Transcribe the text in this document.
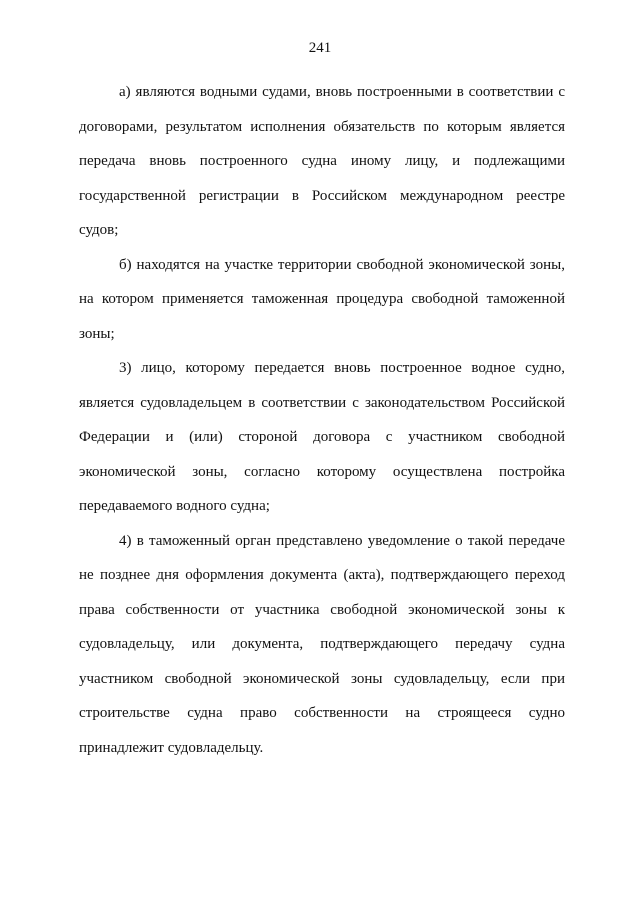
241
а) являются водными судами, вновь построенными в соответствии с
договорами, результатом исполнения обязательств по которым является
передача вновь построенного судна иному лицу, и подлежащими
государственной регистрации в Российском международном реестре
судов;
б) находятся на участке территории свободной экономической зоны,
на котором применяется таможенная процедура свободной таможенной
зоны;
3) лицо, которому передается вновь построенное водное судно,
является судовладельцем в соответствии с законодательством Российской
Федерации и (или) стороной договора с участником свободной
экономической зоны, согласно которому осуществлена постройка
передаваемого водного судна;
4) в таможенный орган представлено уведомление о такой передаче
не позднее дня оформления документа (акта), подтверждающего переход
права собственности от участника свободной экономической зоны к
судовладельцу, или документа, подтверждающего передачу судна
участником свободной экономической зоны судовладельцу, если при
строительстве судна право собственности на строящееся судно
принадлежит судовладельцу.
